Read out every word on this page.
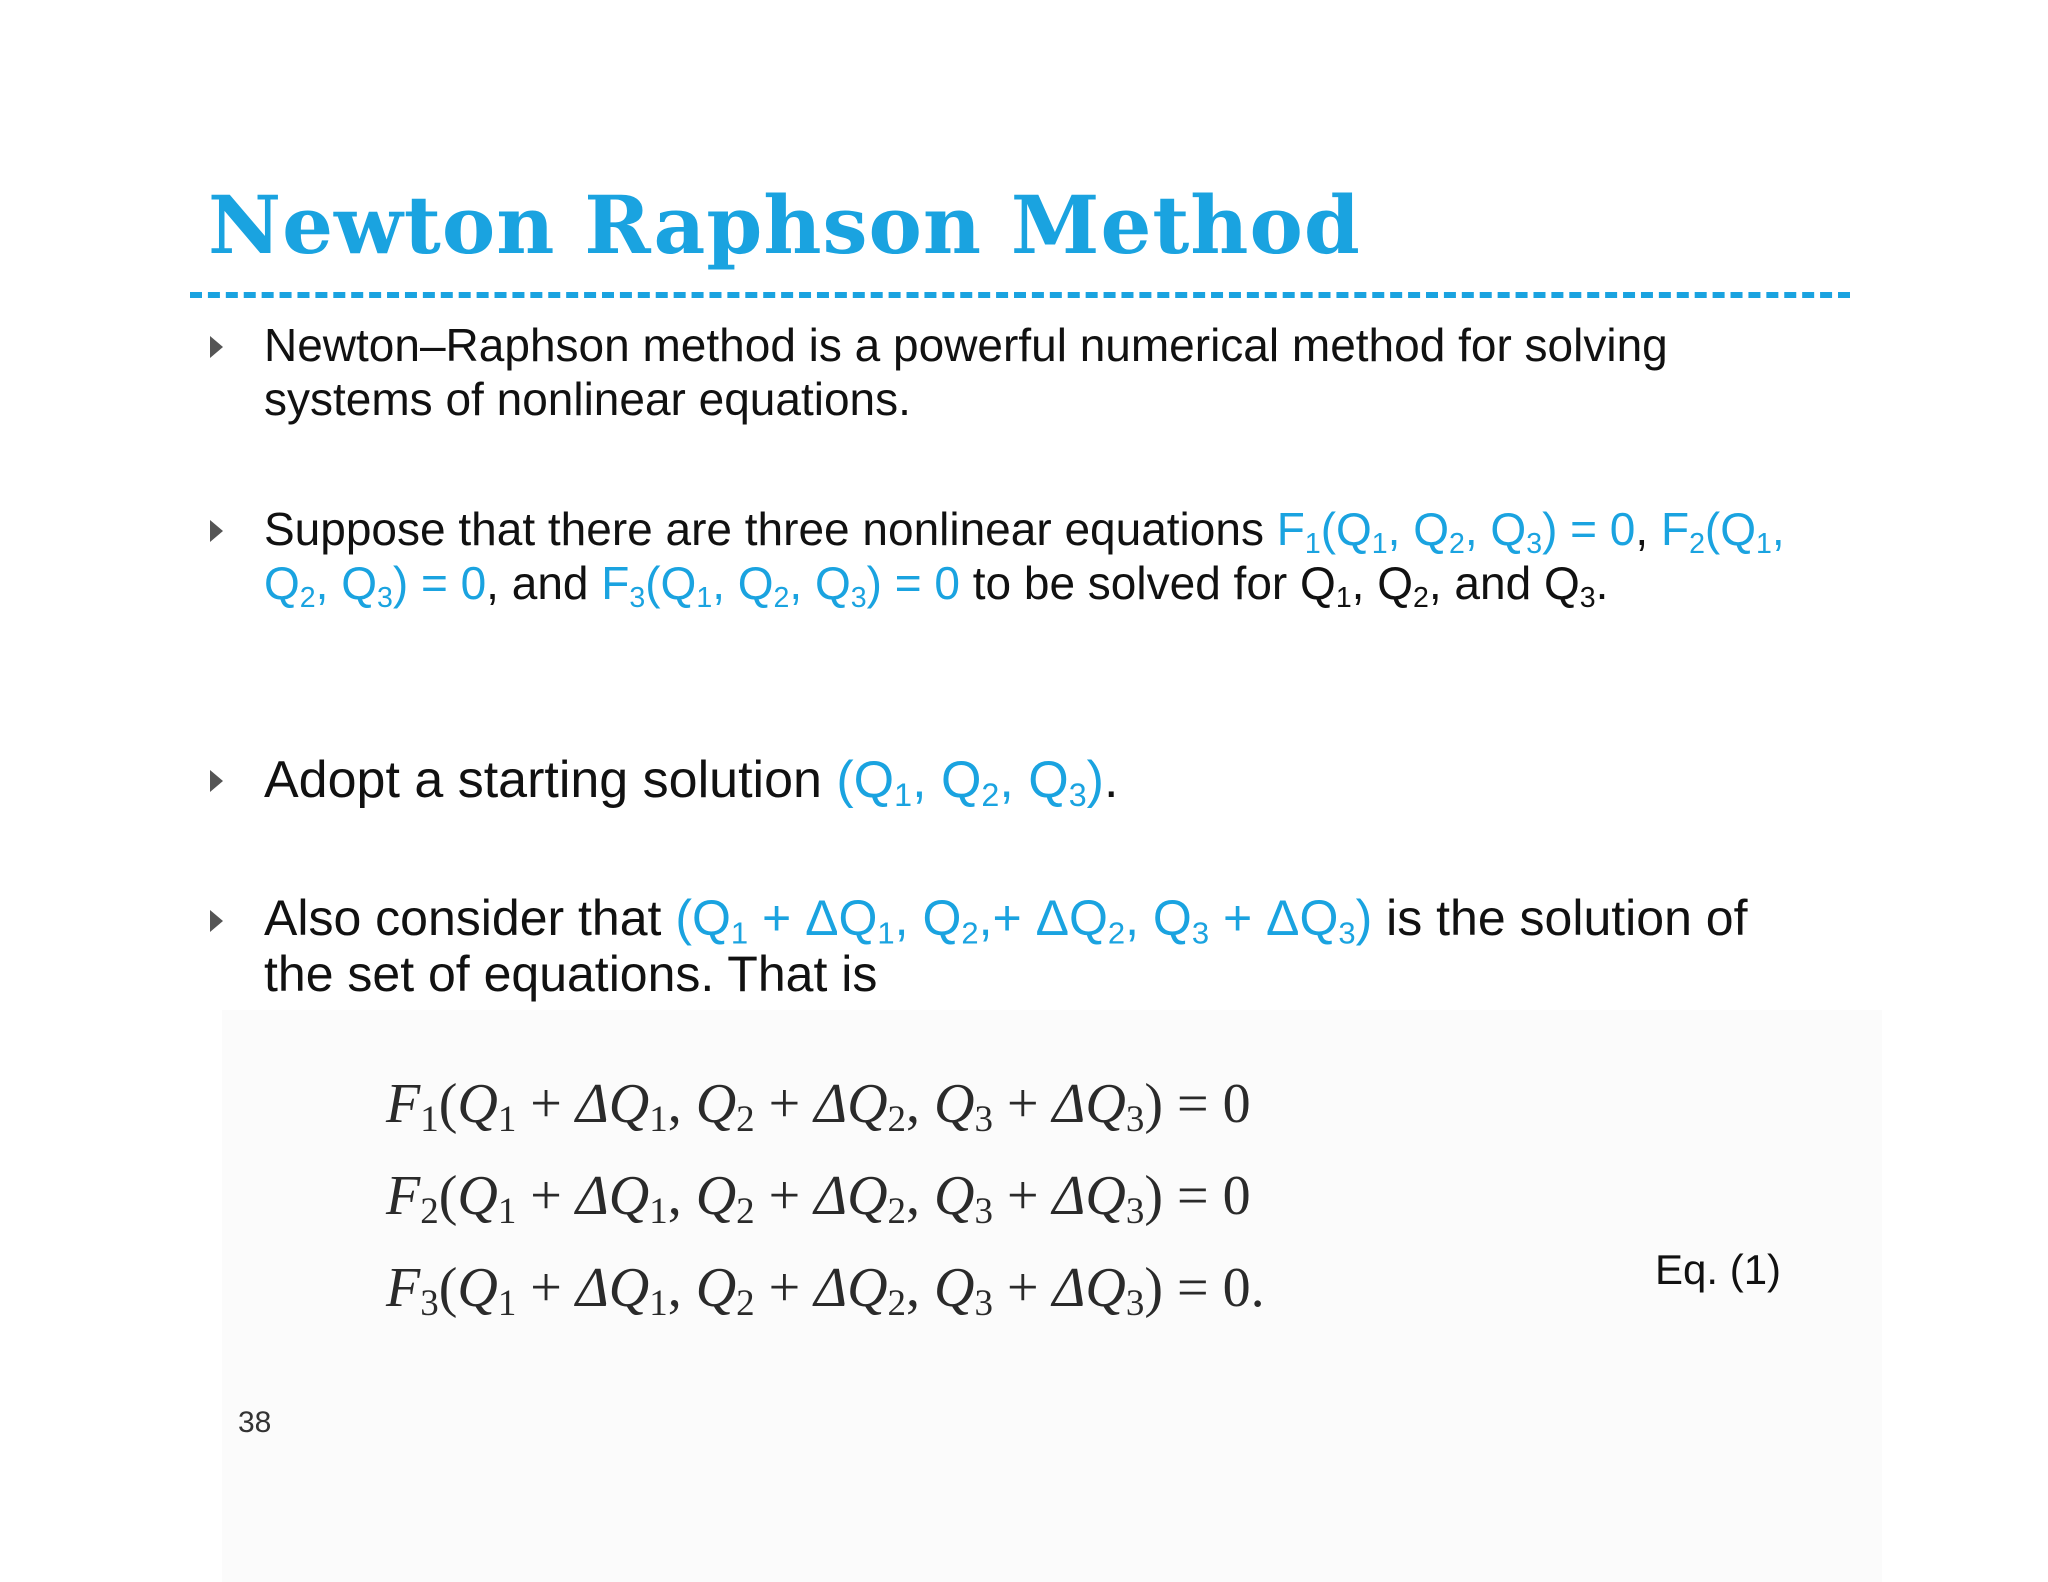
Newton Raphson Method
Newton–Raphson method is a powerful numerical method for solving systems of nonlinear equations.
Suppose that there are three nonlinear equations $F_1(Q_1$, $Q_2$, $Q_3) = 0$, $F_2(Q_1$, $Q_2$, $Q_3) = 0$, and $F_3(Q_1$, $Q_2$, $Q_3) = 0$ to be solved for $Q_1$, $Q_2$, and $Q_3$.
Adopt a starting solution ($Q_1$, $Q_2$, $Q_3$).
Also consider that ($Q_1 + \Delta Q_1$, $Q_2,+ \Delta Q_2$, $Q_3 + \Delta Q_3$) is the solution of the set of equations. That is
$F_1(Q_1 + \Delta Q_1$, $Q_2 + \Delta Q_2$, $Q_3 + \Delta Q_3) = 0$
$F_2(Q_1 + \Delta Q_1$, $Q_2 + \Delta Q_2$, $Q_3 + \Delta Q_3) = 0$
$F_3(Q_1 + \Delta Q_1$, $Q_2 + \Delta Q_2$, $Q_3 + \Delta Q_3) = 0$.	Eq. (1)
38
